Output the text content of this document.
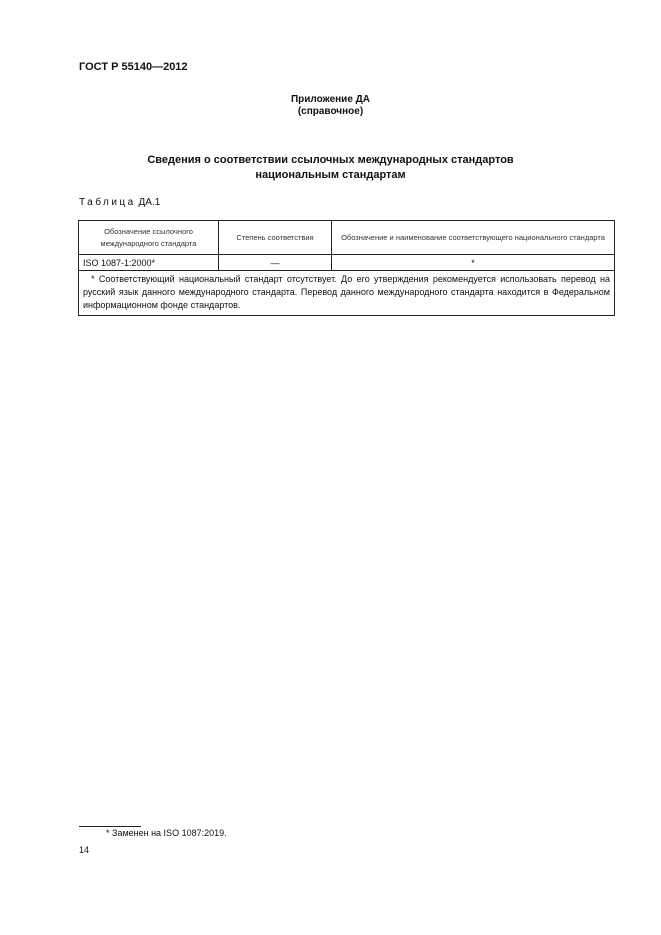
ГОСТ Р 55140—2012
Приложение ДА
(справочное)
Сведения о соответствии ссылочных международных стандартов
национальным стандартам
Таблица ДА.1
Обозначение ссылочного международного стандарта	Степень соответствия	Обозначение и наименование соответствующего национального стандарта
ISO 1087-1:2000*	—	*
* Соответствующий национальный стандарт отсутствует. До его утверждения рекомендуется использовать перевод на русский язык данного международного стандарта. Перевод данного международного стандарта находится в Федеральном информационном фонде стандартов.		
* Заменен на ISO 1087:2019.
14
